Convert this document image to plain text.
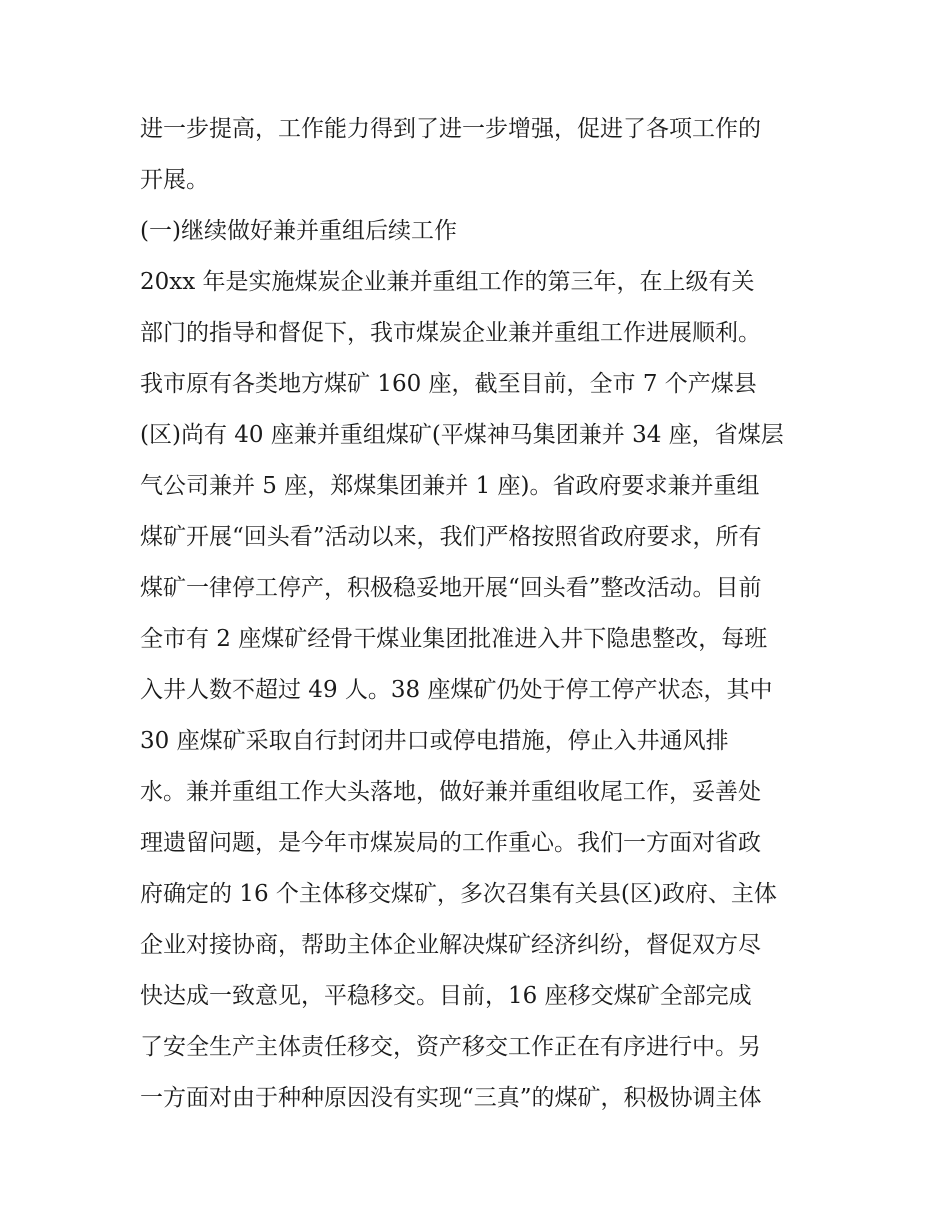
进一步提高，工作能力得到了进一步增强，促进了各项工作的

开展。

(一)继续做好兼并重组后续工作

20xx 年是实施煤炭企业兼并重组工作的第三年，在上级有关

部门的指导和督促下，我市煤炭企业兼并重组工作进展顺利。

我市原有各类地方煤矿 160 座，截至目前，全市 7 个产煤县

(区)尚有 40 座兼并重组煤矿(平煤神马集团兼并 34 座，省煤层

气公司兼并 5 座，郑煤集团兼并 1 座)。省政府要求兼并重组

煤矿开展“回头看”活动以来，我们严格按照省政府要求，所有

煤矿一律停工停产，积极稳妥地开展“回头看”整改活动。目前

全市有 2 座煤矿经骨干煤业集团批准进入井下隐患整改，每班

入井人数不超过 49 人。38 座煤矿仍处于停工停产状态，其中

30 座煤矿采取自行封闭井口或停电措施，停止入井通风排

水。兼并重组工作大头落地，做好兼并重组收尾工作，妥善处

理遗留问题，是今年市煤炭局的工作重心。我们一方面对省政

府确定的 16 个主体移交煤矿，多次召集有关县(区)政府、主体

企业对接协商，帮助主体企业解决煤矿经济纠纷，督促双方尽

快达成一致意见，平稳移交。目前，16 座移交煤矿全部完成

了安全生产主体责任移交，资产移交工作正在有序进行中。另

一方面对由于种种原因没有实现“三真”的煤矿，积极协调主体
